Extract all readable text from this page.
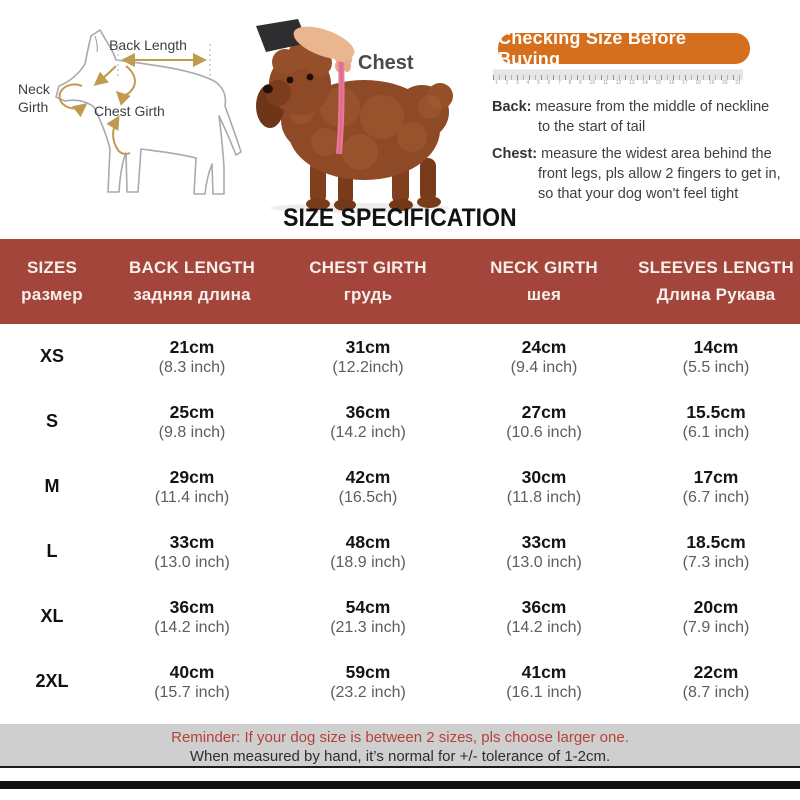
Back Length
Neck
Girth	Chest Girth
Chest
Checking Size Before Buying
1 2 3 4 5 6 7 8 9 10 11 12 13 14 15 16 17 18 19 20 21

Back: measure from the middle of neckline

to the start of tail

Chest: measure the widest area behind the

front legs, pls allow 2 fingers to get in,

so that your dog won't feel tight

SIZE SPECIFICATION
SIZES
размер

BACK LENGTH
задняя длина

CHEST GIRTH
грудь

NECK GIRTH
шея

SLEEVES LENGTH
Длина Рукава

XS	21cm
(8.3 inch)

31cm
(12.2inch)

24cm
(9.4 inch)

14cm
(5.5 inch)

S	25cm
(9.8 inch)

36cm
(14.2 inch)

27cm
(10.6 inch)

15.5cm
(6.1 inch)

M	29cm
(11.4 inch)

42cm
(16.5ch)

30cm
(11.8 inch)

17cm
(6.7 inch)

L	33cm
(13.0 inch)

48cm
(18.9 inch)

33cm
(13.0 inch)

18.5cm
(7.3 inch)

XL	36cm
(14.2 inch)

54cm
(21.3 inch)

36cm
(14.2 inch)

20cm
(7.9 inch)

2XL	40cm
(15.7 inch)

59cm
(23.2 inch)

41cm
(16.1 inch)

22cm
(8.7 inch)
Reminder: If your dog size is between 2 sizes, pls choose larger one.
When measured by hand, it’s normal for +/- tolerance of 1-2cm.
